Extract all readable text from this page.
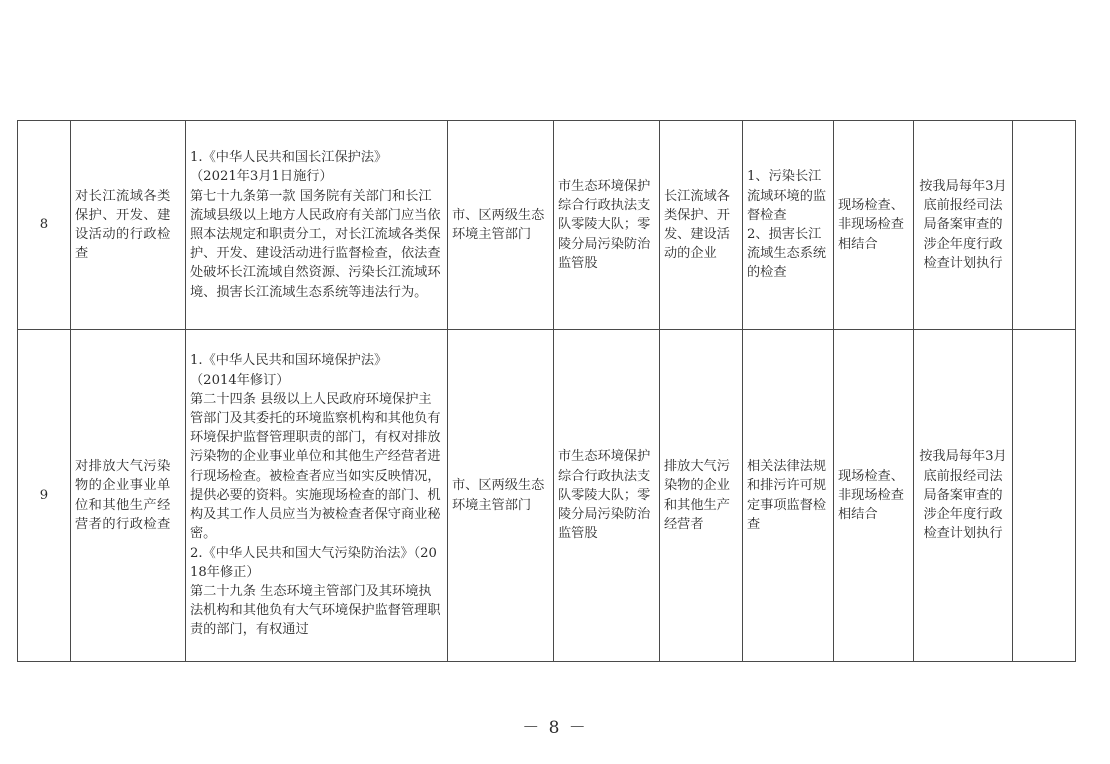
8	对长江流域各类保护、开发、建设活动的行政检查	1.《中华人民共和国长江保护法》
（2021年3月1日施行）
第七十九条第一款 国务院有关部门和长江流域县级以上地方人民政府有关部门应当依照本法规定和职责分工，对长江流域各类保护、开发、建设活动进行监督检查，依法查处破坏长江流域自然资源、污染长江流域环境、损害长江流域生态系统等违法行为。	市、区两级生态环境主管部门	市生态环境保护综合行政执法支队零陵大队；零陵分局污染防治监管股	长江流域各类保护、开发、建设活动的企业	1、污染长江流域环境的监督检查
2、损害长江流域生态系统的检查	现场检查、非现场检查相结合	按我局每年3月底前报经司法局备案审查的涉企年度行政检查计划执行	
9	对排放大气污染物的企业事业单位和其他生产经营者的行政检查	1.《中华人民共和国环境保护法》
（2014年修订）
第二十四条 县级以上人民政府环境保护主管部门及其委托的环境监察机构和其他负有环境保护监督管理职责的部门，有权对排放污染物的企业事业单位和其他生产经营者进行现场检查。被检查者应当如实反映情况，提供必要的资料。实施现场检查的部门、机构及其工作人员应当为被检查者保守商业秘密。
2.《中华人民共和国大气污染防治法》（2018年修正）
第二十九条 生态环境主管部门及其环境执法机构和其他负有大气环境保护监督管理职责的部门，有权通过	市、区两级生态环境主管部门	市生态环境保护综合行政执法支队零陵大队；零陵分局污染防治监管股	排放大气污染物的企业和其他生产经营者	相关法律法规和排污许可规定事项监督检查	现场检查、非现场检查相结合	按我局每年3月底前报经司法局备案审查的涉企年度行政检查计划执行	
－ 8 －
